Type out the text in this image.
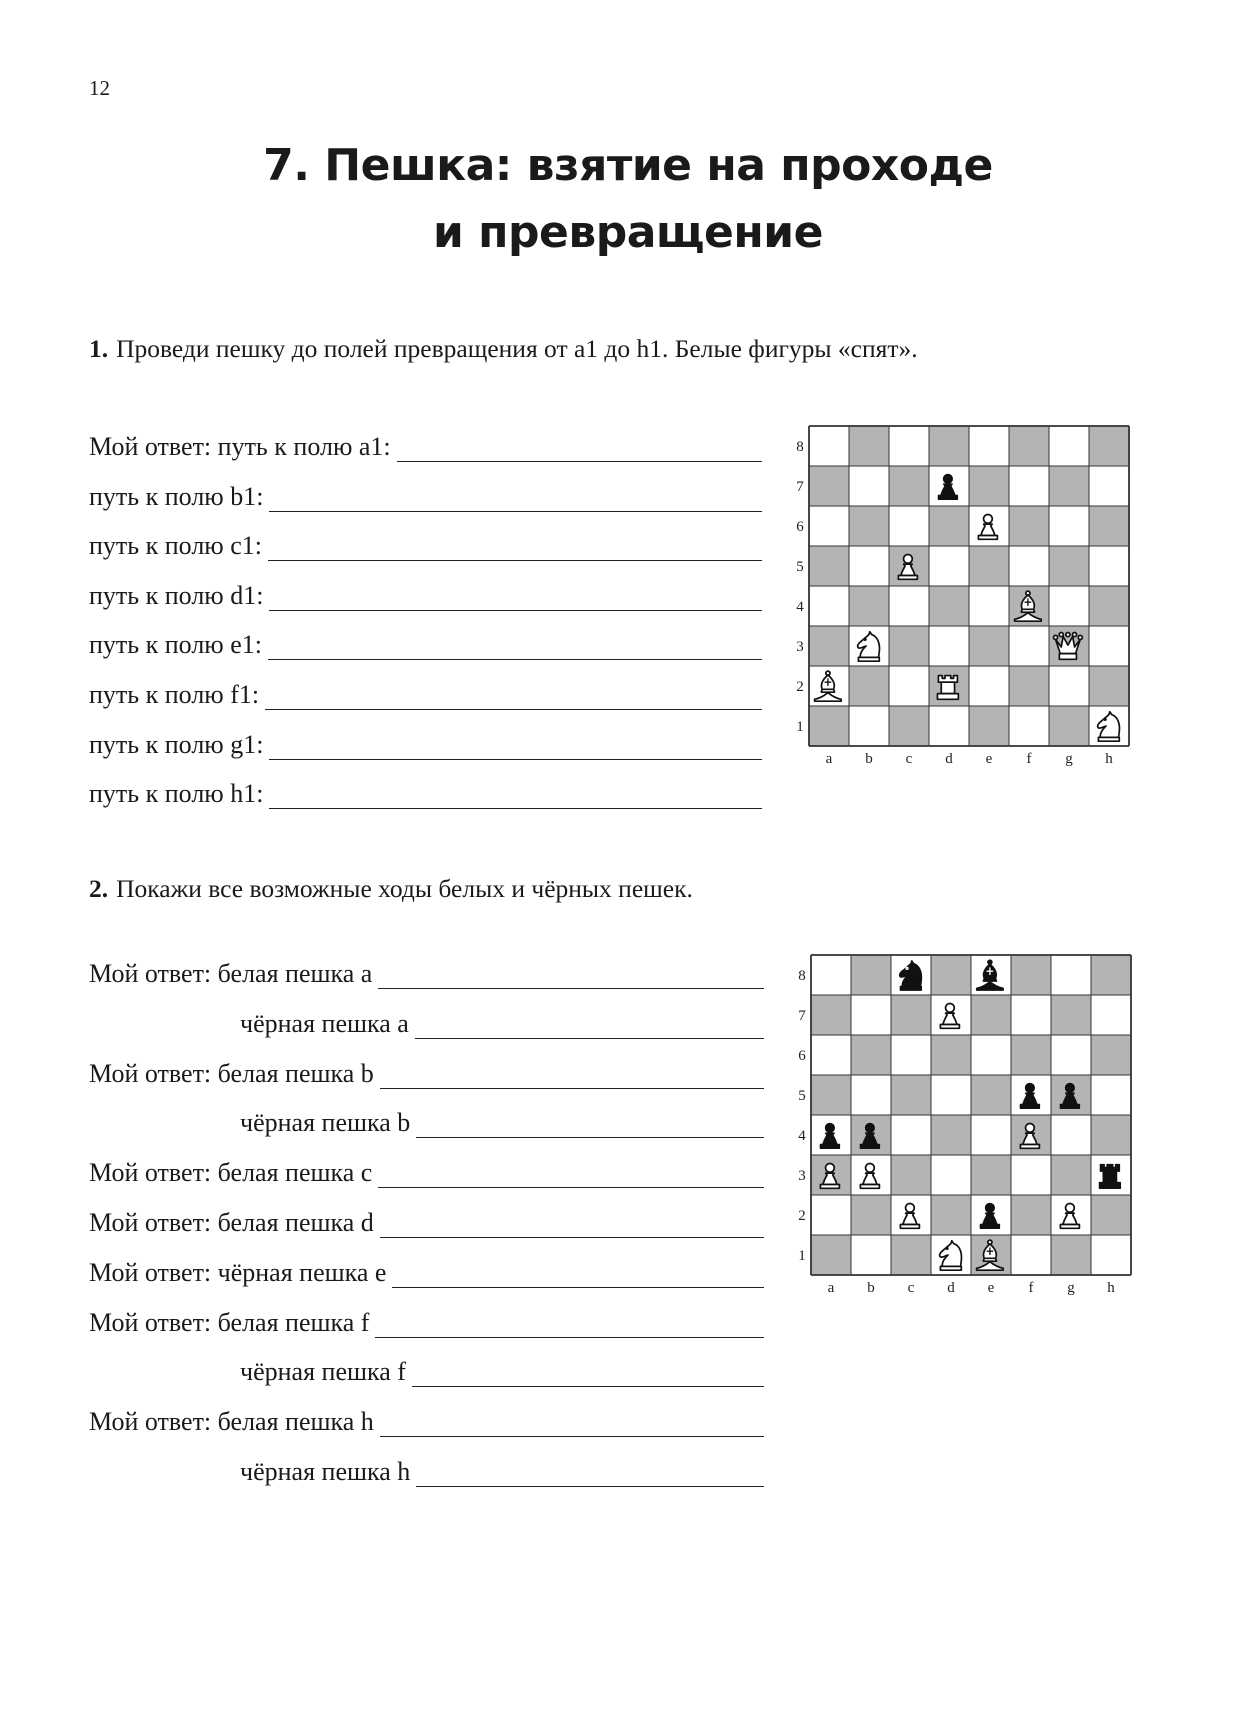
12
7. Пешка: взятие на проходе
и превращение
1. Проведи пешку до полей превращения от а1 до h1. Белые фигуры «спят».
Мой ответ: путь к полю а1:
путь к полю b1:
путь к полю c1:
путь к полю d1:
путь к полю e1:
путь к полю f1:
путь к полю g1:
путь к полю h1:
8
7
6
5
4
3
2
1
a b c d e f g h
2. Покажи все возможные ходы белых и чёрных пешек.
Мой ответ: белая пешка а
чёрная пешка а
Мой ответ: белая пешка b
чёрная пешка b
Мой ответ: белая пешка c
Мой ответ: белая пешка d
Мой ответ: чёрная пешка e
Мой ответ: белая пешка f
чёрная пешка f
Мой ответ: белая пешка h
чёрная пешка h
8
7
6
5
4
3
2
1
a b c d e f g h
